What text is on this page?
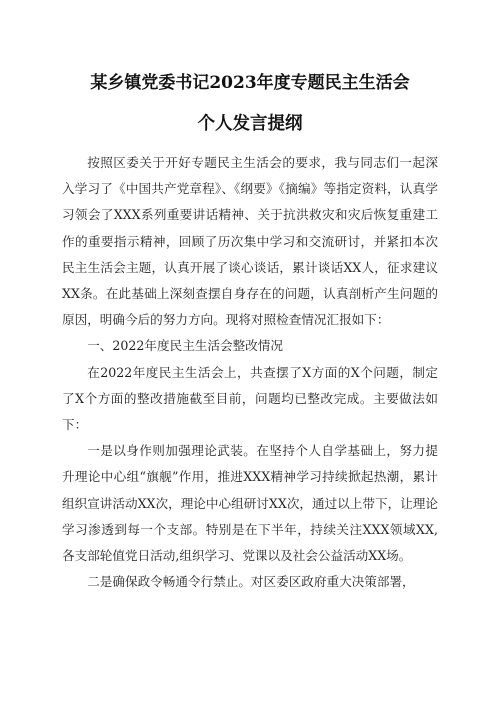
某乡镇党委书记2023年度专题民主生活会
个人发言提纲

按照区委关于开好专题民主生活会的要求，我与同志们一起深入学习了《中国共产党章程》、《纲要》《摘编》等指定资料，认真学习领会了XXX系列重要讲话精神、关于抗洪救灾和灾后恢复重建工作的重要指示精神，回顾了历次集中学习和交流研讨，并紧扣本次民主生活会主题，认真开展了谈心谈话，累计谈话XX人，征求建议XX条。在此基础上深刻查摆自身存在的问题，认真剖析产生问题的原因，明确今后的努力方向。现将对照检查情况汇报如下：

一、2022年度民主生活会整改情况

在2022年度民主生活会上，共查摆了X方面的X个问题，制定了X个方面的整改措施截至目前，问题均已整改完成。主要做法如下：

一是以身作则加强理论武装。在坚持个人自学基础上，努力提升理论中心组“旗舰”作用，推进XXX精神学习持续掀起热潮，累计组织宣讲活动XX次，理论中心组研讨XX次，通过以上带下，让理论学习渗透到每一个支部。特别是在下半年，持续关注XXX领域XX,各支部轮值党日活动,组织学习、党课以及社会公益活动XX场。

二是确保政令畅通令行禁止。对区委区政府重大决策部署，
